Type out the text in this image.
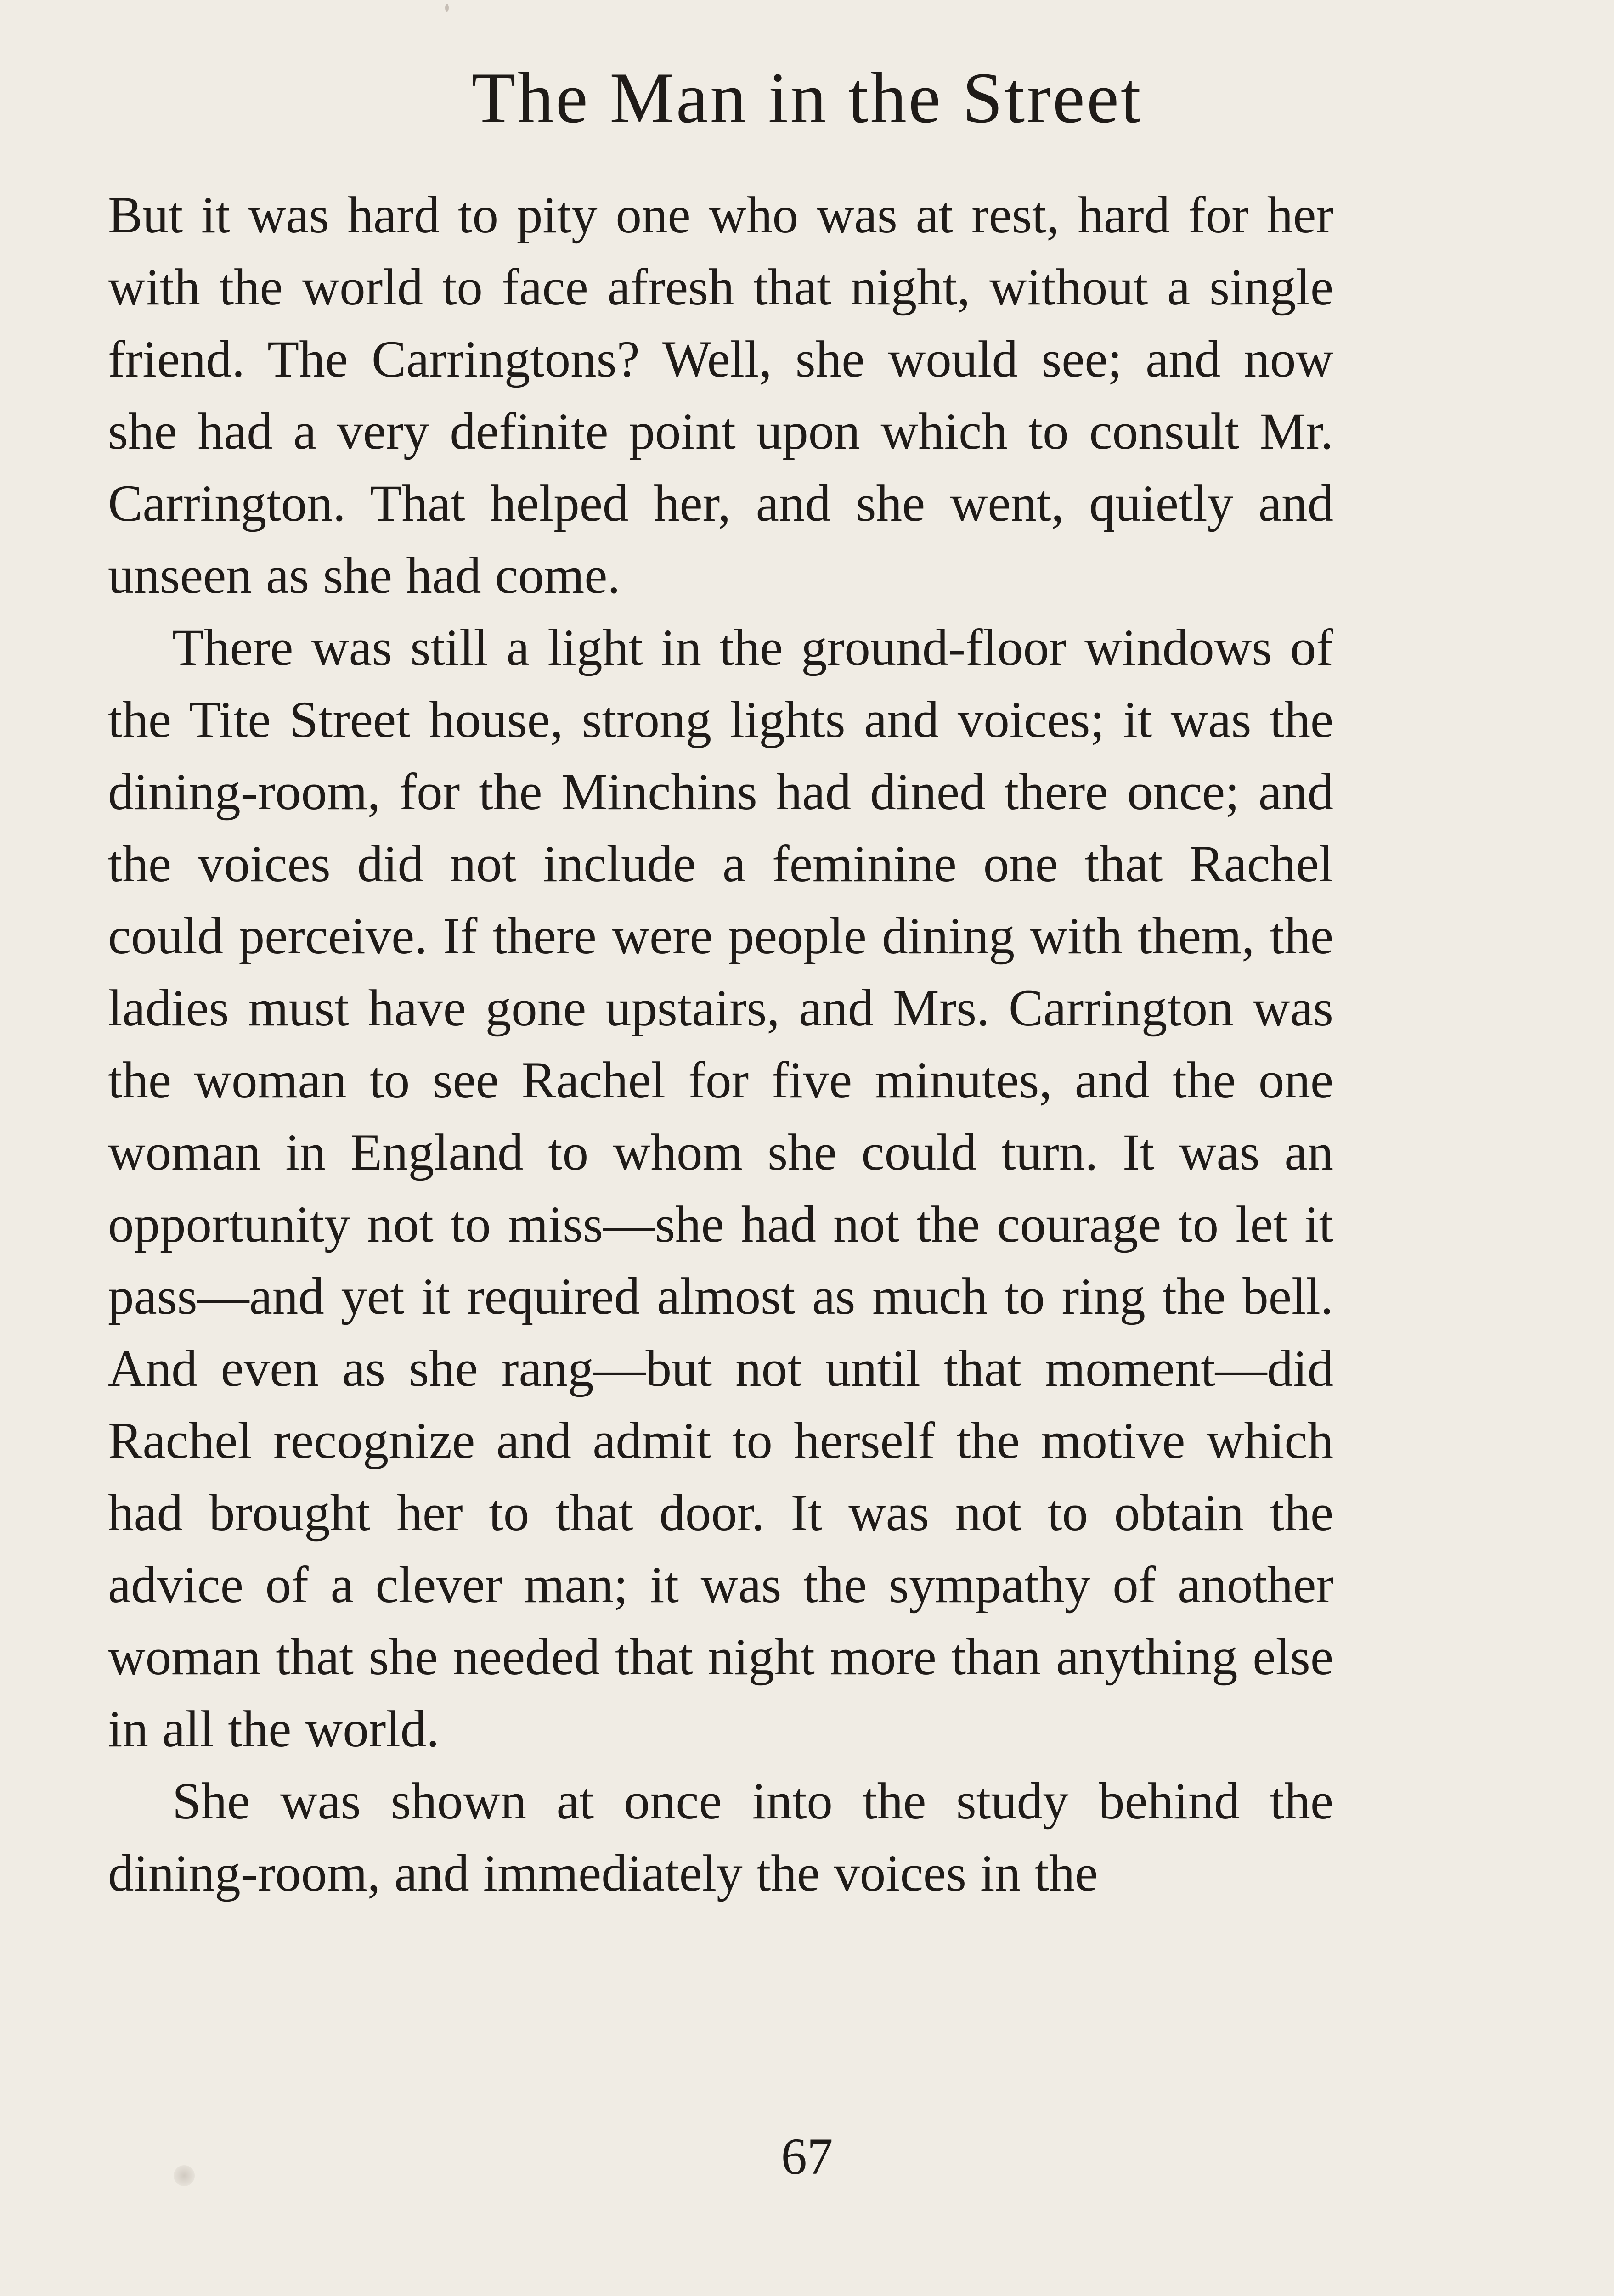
The Man in the Street

But it was hard to pity one who was at rest, hard for her with the world to face afresh that night, without a single friend. The Carringtons? Well, she would see; and now she had a very definite point upon which to consult Mr. Carrington. That helped her, and she went, quietly and unseen as she had come.

There was still a light in the ground-floor windows of the Tite Street house, strong lights and voices; it was the dining-room, for the Minchins had dined there once; and the voices did not include a feminine one that Rachel could perceive. If there were people dining with them, the ladies must have gone upstairs, and Mrs. Carrington was the woman to see Rachel for five minutes, and the one woman in England to whom she could turn. It was an opportunity not to miss—she had not the courage to let it pass—and yet it required almost as much to ring the bell. And even as she rang—but not until that moment—did Rachel recognize and admit to herself the motive which had brought her to that door. It was not to obtain the advice of a clever man; it was the sympathy of another woman that she needed that night more than anything else in all the world.

She was shown at once into the study behind the dining-room, and immediately the voices in the

67
